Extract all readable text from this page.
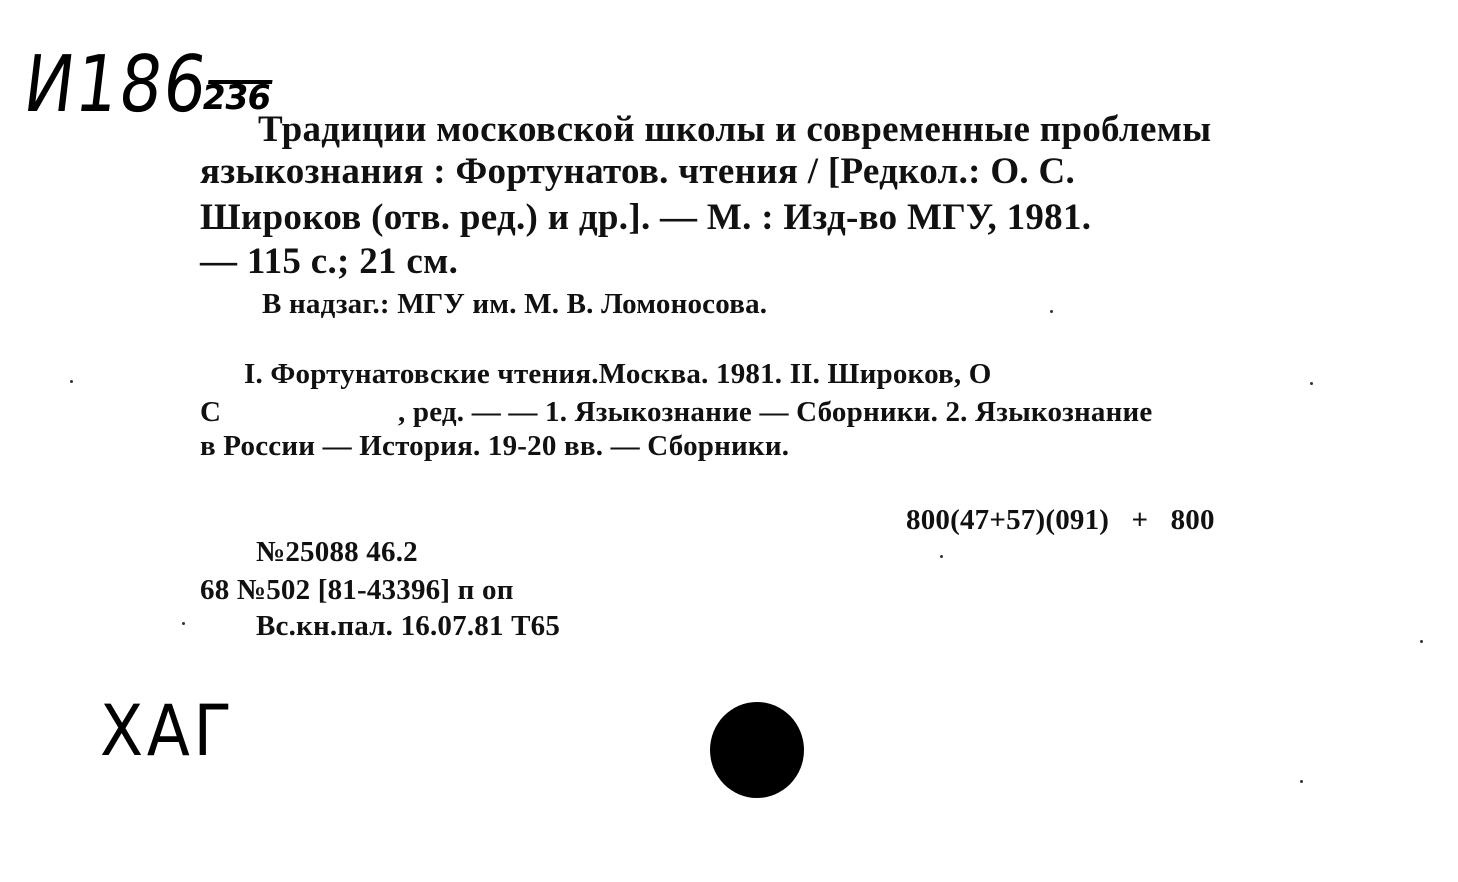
И186
236
Традиции московской школы и современные проблемы
языкознания : Фортунатов. чтения / [Редкол.: О. С.
Широков (отв. ред.) и др.]. — М. : Изд-во МГУ, 1981.
— 115 с.; 21 см.
В надзаг.: МГУ им. М. В. Ломоносова.
I. Фортунатовские чтения.Москва. 1981. II. Широков, О
С	, ред. — — 1. Языкознание — Сборники. 2. Языкознание
в России — История. 19-20 вв. — Сборники.
800(47+57)(091)   +   800
№25088 46.2
68 №502 [81-43396] п оп
Вс.кн.пал. 16.07.81 Т65
ХАГ
